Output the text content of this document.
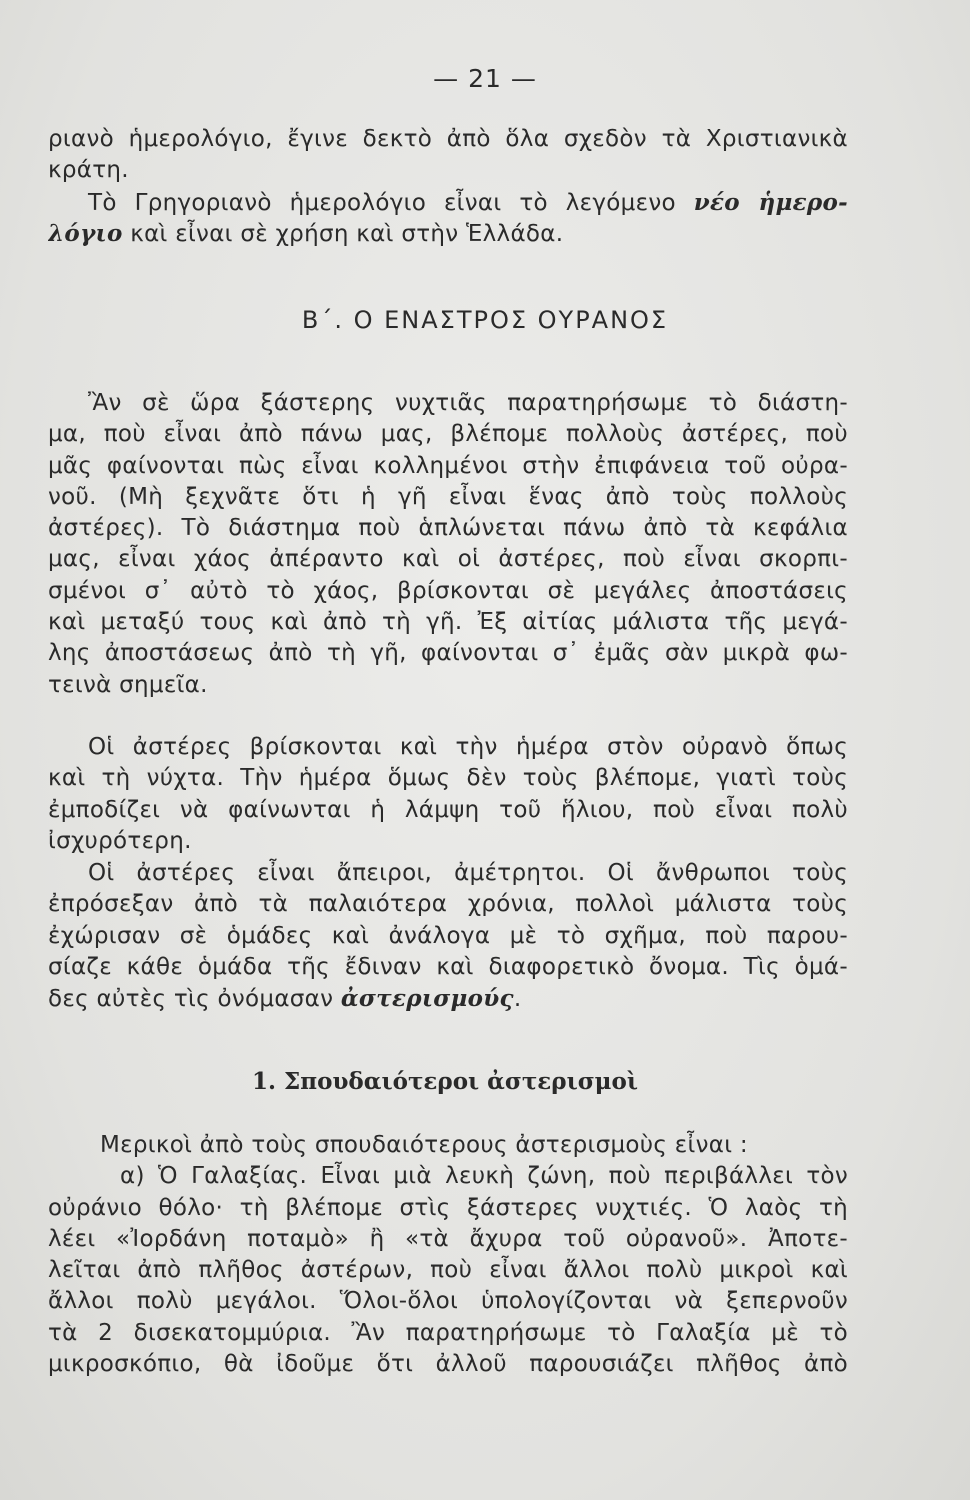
— 21 —
ριανὸ ἡμερολόγιο, ἔγινε δεκτὸ ἀπὸ ὅλα σχεδὸν τὰ Χριστιανικὰ
κράτη.
Τὸ Γρηγοριανὸ ἡμερολόγιο εἶναι τὸ λεγόμενο νέο ἡμερο-
λόγιο καὶ εἶναι σὲ χρήση καὶ στὴν Ἑλλάδα.
Β΄. Ο ΕΝΑΣΤΡΟΣ ΟΥΡΑΝΟΣ
Ἂν σὲ ὥρα ξάστερης νυχτιᾶς παρατηρήσωμε τὸ διάστη-
μα, ποὺ εἶναι ἀπὸ πάνω μας, βλέπομε πολλοὺς ἀστέρες, ποὺ
μᾶς φαίνονται πὼς εἶναι κολλημένοι στὴν ἐπιφάνεια τοῦ οὐρα-
νοῦ. (Μὴ ξεχνᾶτε ὅτι ἡ γῆ εἶναι ἕνας ἀπὸ τοὺς πολλοὺς
ἀστέρες). Τὸ διάστημα ποὺ ἁπλώνεται πάνω ἀπὸ τὰ κεφάλια
μας, εἶναι χάος ἀπέραντο καὶ οἱ ἀστέρες, ποὺ εἶναι σκορπι-
σμένοι σ᾽ αὐτὸ τὸ χάος, βρίσκονται σὲ μεγάλες ἀποστάσεις
καὶ μεταξύ τους καὶ ἀπὸ τὴ γῆ. Ἐξ αἰτίας μάλιστα τῆς μεγά-
λης ἀποστάσεως ἀπὸ τὴ γῆ, φαίνονται σ᾽ ἐμᾶς σὰν μικρὰ φω-
τεινὰ σημεῖα.
Οἱ ἀστέρες βρίσκονται καὶ τὴν ἡμέρα στὸν οὐρανὸ ὅπως
καὶ τὴ νύχτα. Τὴν ἡμέρα ὅμως δὲν τοὺς βλέπομε, γιατὶ τοὺς
ἐμποδίζει νὰ φαίνωνται ἡ λάμψη τοῦ ἥλιου, ποὺ εἶναι πολὺ
ἰσχυρότερη.
Οἱ ἀστέρες εἶναι ἄπειροι, ἀμέτρητοι. Οἱ ἄνθρωποι τοὺς
ἐπρόσεξαν ἀπὸ τὰ παλαιότερα χρόνια, πολλοὶ μάλιστα τοὺς
ἐχώρισαν σὲ ὁμάδες καὶ ἀνάλογα μὲ τὸ σχῆμα, ποὺ παρου-
σίαζε κάθε ὁμάδα τῆς ἔδιναν καὶ διαφορετικὸ ὄνομα. Τὶς ὁμά-
δες αὐτὲς τὶς ὀνόμασαν ἀστερισμούς.
1. Σπουδαιότεροι ἀστερισμοὶ
Μερικοὶ ἀπὸ τοὺς σπουδαιότερους ἀστερισμοὺς εἶναι :
α) Ὁ Γαλαξίας. Εἶναι μιὰ λευκὴ ζώνη, ποὺ περιβάλλει τὸν
οὐράνιο θόλο· τὴ βλέπομε στὶς ξάστερες νυχτιές. Ὁ λαὸς τὴ
λέει «Ἰορδάνη ποταμὸ» ἢ «τὰ ἄχυρα τοῦ οὐρανοῦ». Ἀποτε-
λεῖται ἀπὸ πλῆθος ἀστέρων, ποὺ εἶναι ἄλλοι πολὺ μικροὶ καὶ
ἄλλοι πολὺ μεγάλοι. Ὅλοι-ὅλοι ὑπολογίζονται νὰ ξεπερνοῦν
τὰ 2 δισεκατομμύρια. Ἂν παρατηρήσωμε τὸ Γαλαξία μὲ τὸ
μικροσκόπιο, θὰ ἰδοῦμε ὅτι ἀλλοῦ παρουσιάζει πλῆθος ἀπὸ
